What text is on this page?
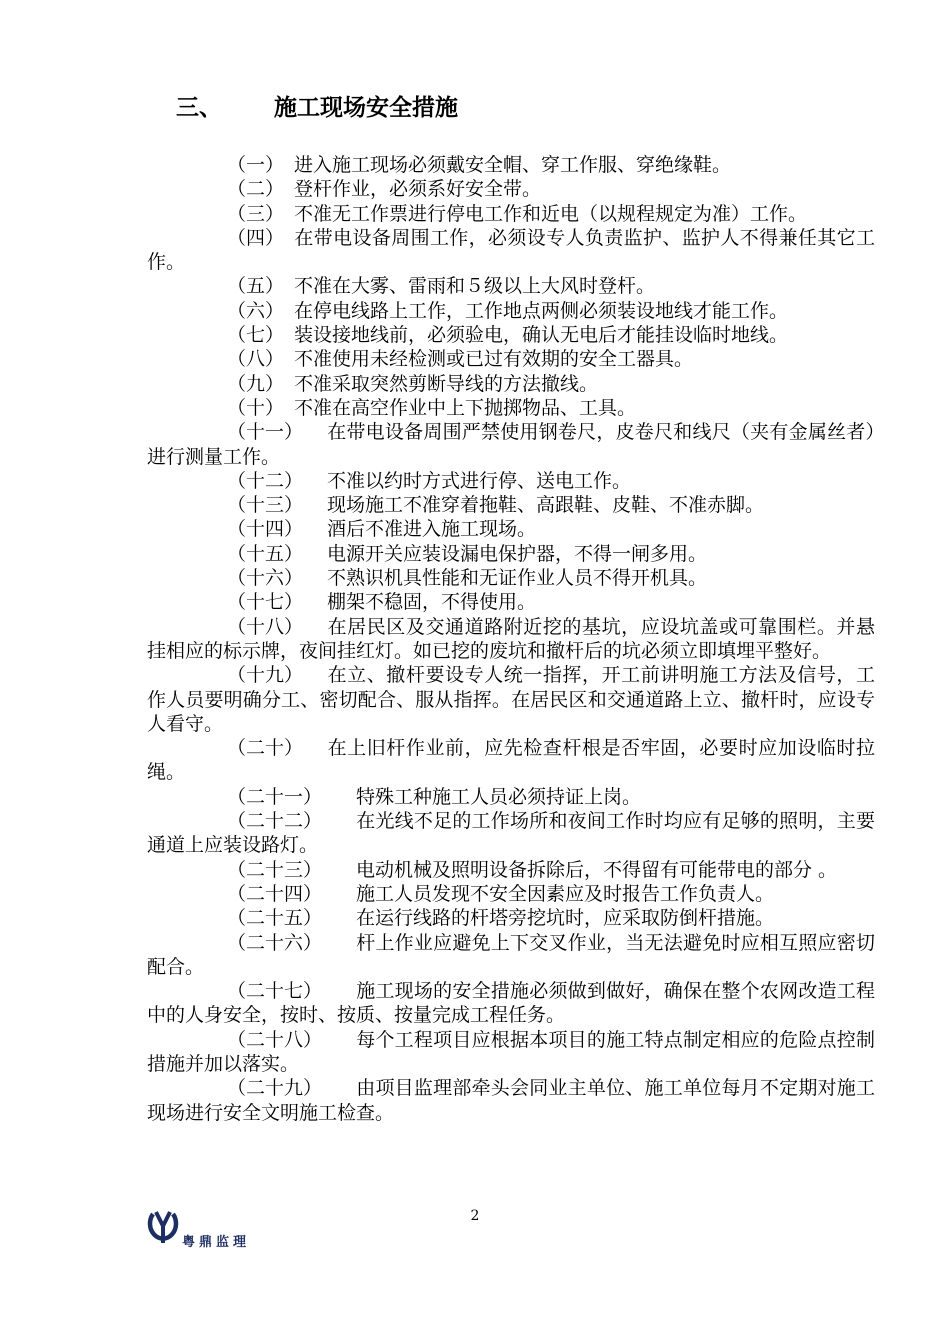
三、 施工现场安全措施

（一） 进入施工现场必须戴安全帽、穿工作服、穿绝缘鞋。

（二） 登杆作业，必须系好安全带。

（三） 不准无工作票进行停电工作和近电（以规程规定为准）工作。

（四） 在带电设备周围工作，必须设专人负责监护、监护人不得兼任其它工作。

（五） 不准在大雾、雷雨和５级以上大风时登杆。

（六） 在停电线路上工作，工作地点两侧必须装设地线才能工作。

（七） 装设接地线前，必须验电，确认无电后才能挂设临时地线。

（八） 不准使用未经检测或已过有效期的安全工器具。

（九） 不准采取突然剪断导线的方法撤线。

（十） 不准在高空作业中上下抛掷物品、工具。

（十一） 在带电设备周围严禁使用钢卷尺，皮卷尺和线尺（夹有金属丝者）进行测量工作。

（十二） 不准以约时方式进行停、送电工作。

（十三） 现场施工不准穿着拖鞋、高跟鞋、皮鞋、不准赤脚。

（十四） 酒后不准进入施工现场。

（十五） 电源开关应装设漏电保护器，不得一闸多用。

（十六） 不熟识机具性能和无证作业人员不得开机具。

（十七） 棚架不稳固，不得使用。

（十八） 在居民区及交通道路附近挖的基坑，应设坑盖或可靠围栏。并悬挂相应的标示牌，夜间挂红灯。如已挖的废坑和撤杆后的坑必须立即填埋平整好。

（十九） 在立、撤杆要设专人统一指挥，开工前讲明施工方法及信号，工作人员要明确分工、密切配合、服从指挥。在居民区和交通道路上立、撤杆时，应设专人看守。

（二十） 在上旧杆作业前，应先检查杆根是否牢固，必要时应加设临时拉绳。

（二十一） 特殊工种施工人员必须持证上岗。

（二十二） 在光线不足的工作场所和夜间工作时均应有足够的照明，主要通道上应装设路灯。

（二十三） 电动机械及照明设备拆除后，不得留有可能带电的部分 。

（二十四） 施工人员发现不安全因素应及时报告工作负责人。

（二十五） 在运行线路的杆塔旁挖坑时，应采取防倒杆措施。

（二十六） 杆上作业应避免上下交叉作业，当无法避免时应相互照应密切配合。

（二十七） 施工现场的安全措施必须做到做好，确保在整个农网改造工程中的人身安全，按时、按质、按量完成工程任务。

（二十八） 每个工程项目应根据本项目的施工特点制定相应的危险点控制措施并加以落实。

（二十九） 由项目监理部牵头会同业主单位、施工单位每月不定期对施工现场进行安全文明施工检查。

2
粤鼎监理
